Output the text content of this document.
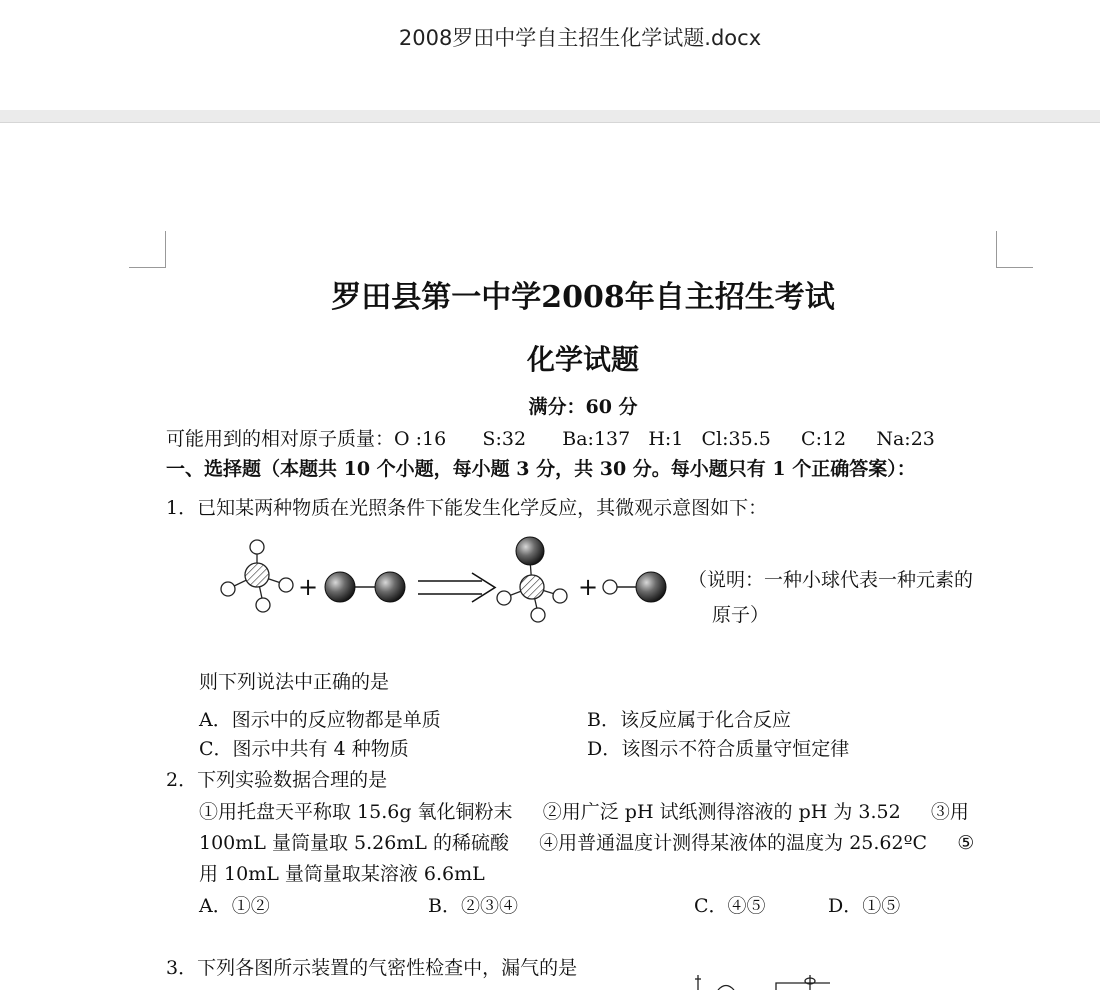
2008罗田中学自主招生化学试题.docx
罗田县第一中学2008年自主招生考试
化学试题
满分：60 分
可能用到的相对原子质量：O :16      S:32      Ba:137   H:1   Cl:35.5     C:12     Na:23
一、选择题（本题共 10 个小题，每小题 3 分，共 30 分。每小题只有 1 个正确答案）：
1．已知某两种物质在光照条件下能发生化学反应，其微观示意图如下：
+	+	（说明：一种小球代表一种元素的
原子）
则下列说法中正确的是
A．图示中的反应物都是单质	B．该反应属于化合反应
C．图示中共有 4 种物质	D．该图示不符合质量守恒定律
2．下列实验数据合理的是
①用托盘天平称取 15.6g 氧化铜粉末     ②用广泛 pH 试纸测得溶液的 pH 为 3.52     ③用
100mL 量筒量取 5.26mL 的稀硫酸     ④用普通温度计测得某液体的温度为 25.62ºC     ⑤
用 10mL 量筒量取某溶液 6.6mL
A．①②	B．②③④	C．④⑤	D．①⑤
3．下列各图所示装置的气密性检查中，漏气的是
